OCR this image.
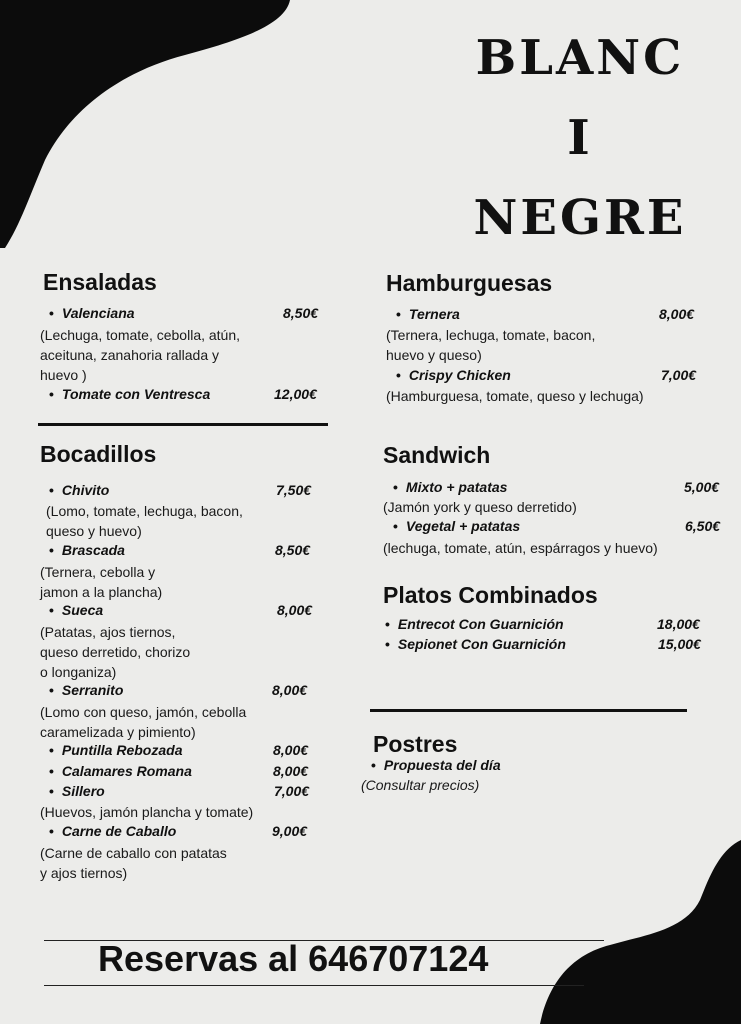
BLANC
I
NEGRE
Ensaladas
• Valenciana	8,50€
(Lechuga, tomate, cebolla, atún,
aceituna, zanahoria rallada y
huevo )
• Tomate con Ventresca	12,00€
Bocadillos
• Chivito	7,50€
(Lomo, tomate, lechuga, bacon,
queso y huevo)
• Brascada	8,50€
(Ternera, cebolla y
jamon a la plancha)
• Sueca	8,00€
(Patatas, ajos tiernos,
queso derretido, chorizo
o longaniza)
• Serranito	8,00€
(Lomo con queso, jamón, cebolla
caramelizada y pimiento)
• Puntilla Rebozada	8,00€
• Calamares Romana	8,00€
• Sillero	7,00€
(Huevos, jamón plancha y tomate)
• Carne de Caballo	9,00€
(Carne de caballo con patatas
y ajos tiernos)
Hamburguesas
• Ternera	8,00€
(Ternera, lechuga, tomate, bacon,
huevo y queso)
• Crispy Chicken	7,00€
(Hamburguesa, tomate, queso y lechuga)
Sandwich
• Mixto + patatas	5,00€
(Jamón york y queso derretido)
• Vegetal + patatas	6,50€
(lechuga, tomate, atún, espárragos y huevo)
Platos Combinados
• Entrecot Con Guarnición	18,00€
• Sepionet Con Guarnición	15,00€
Postres
• Propuesta del día
(Consultar precios)
Reservas al 646707124
